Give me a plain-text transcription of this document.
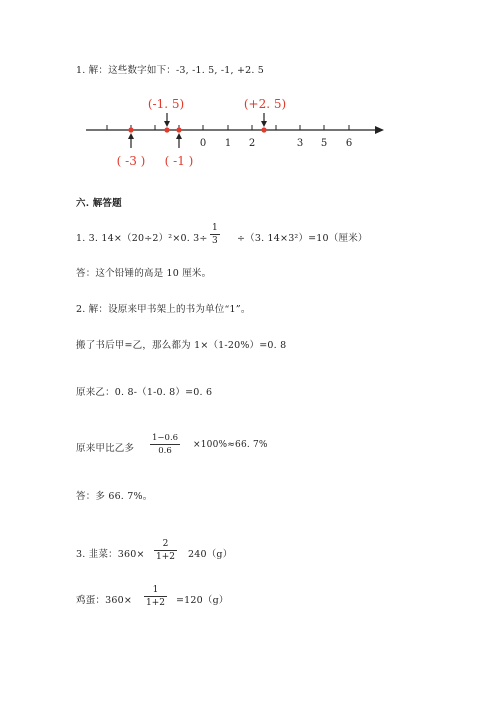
1. 解：这些数字如下：-3, -1. 5, -1, +2. 5
0 1 2	3 5 6
(-1. 5)	(+2. 5)
( -3 ) ( -1 )
六. 解答题
1. 3. 14×（20÷2）²×0. 3÷
1
3 ÷（3. 14×3²）=10（厘米）
答：这个铅锤的高是 10 厘米。
2. 解：设原来甲书架上的书为单位“1”。
搬了书后甲=乙，那么都为 1×（1-20%）=0. 8
原来乙：0. 8-（1-0. 8）=0. 6
原来甲比乙多
1−0.6
0.6
×100%≈66. 7%
答：多 66. 7%。
3. 韭菜：360×
2
1+2 240（g）
鸡蛋：360×
1
1+2 =120（g）
